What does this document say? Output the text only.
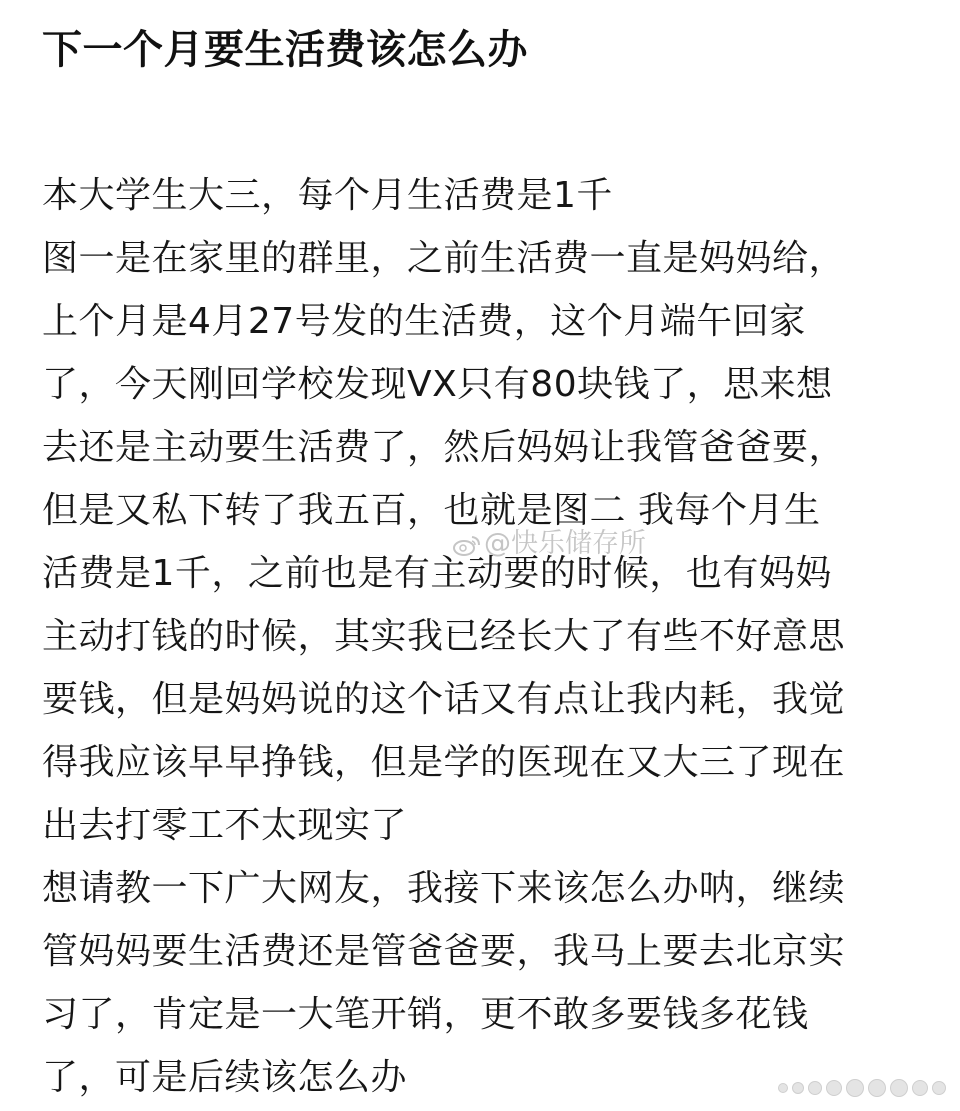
下一个月要生活费该怎么办
本大学生大三，每个月生活费是1千
图一是在家里的群里，之前生活费一直是妈妈给，
上个月是4月27号发的生活费，这个月端午回家
了，今天刚回学校发现VX只有80块钱了，思来想
去还是主动要生活费了，然后妈妈让我管爸爸要，
但是又私下转了我五百，也就是图二 我每个月生
活费是1千，之前也是有主动要的时候，也有妈妈
主动打钱的时候，其实我已经长大了有些不好意思
要钱，但是妈妈说的这个话又有点让我内耗，我觉
得我应该早早挣钱，但是学的医现在又大三了现在
出去打零工不太现实了
想请教一下广大网友，我接下来该怎么办呐，继续
管妈妈要生活费还是管爸爸要，我马上要去北京实
习了，肯定是一大笔开销，更不敢多要钱多花钱
了，可是后续该怎么办
@快乐储存所
